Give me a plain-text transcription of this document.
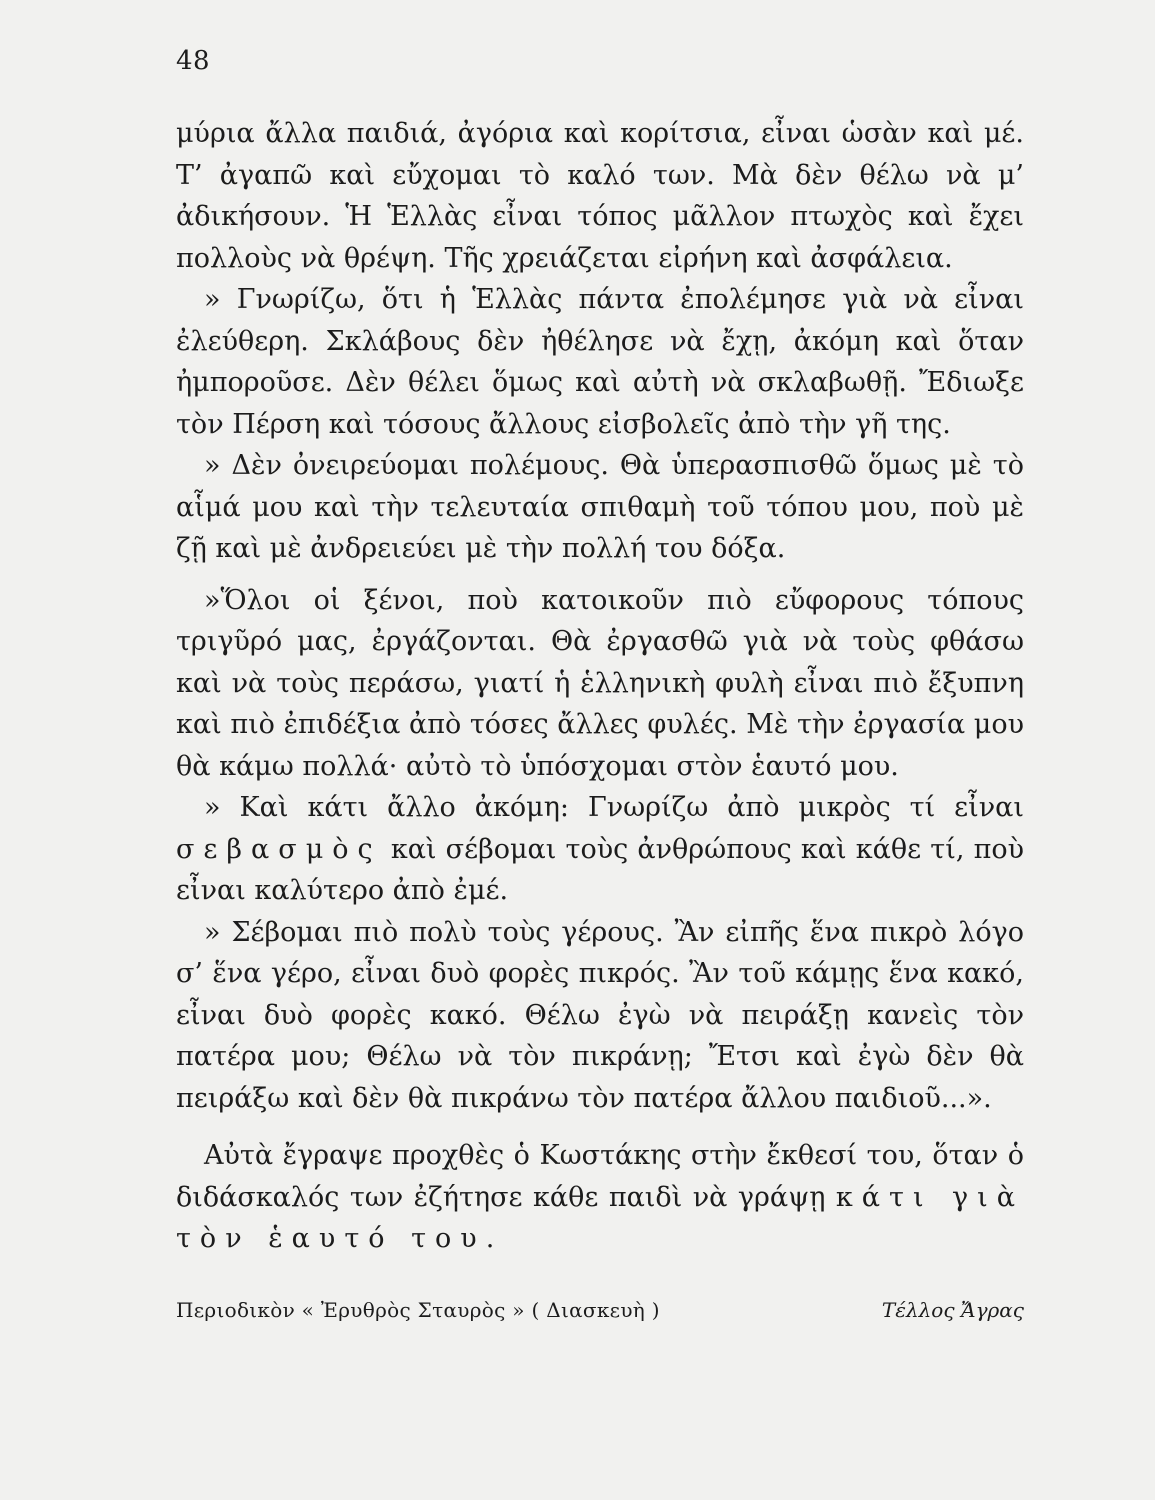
48

μύρια ἄλλα παιδιά, ἀγόρια καὶ κορίτσια, εἶναι ὡσὰν καὶ μέ. Τ’ ἀγαπῶ καὶ εὔχομαι τὸ καλό των. Μὰ δὲν θέλω νὰ μ’ ἀδικήσουν. Ἡ Ἑλλὰς εἶναι τόπος μᾶλλον πτωχὸς καὶ ἔχει πολλοὺς νὰ θρέψη. Τῆς χρειάζεται εἰρήνη καὶ ἀσφάλεια.

» Γνωρίζω, ὅτι ἡ Ἑλλὰς πάντα ἐπολέμησε γιὰ νὰ εἶναι ἐλεύθερη. Σκλάβους δὲν ἠθέλησε νὰ ἔχῃ, ἀκόμη καὶ ὅταν ἠμποροῦσε. Δὲν θέλει ὅμως καὶ αὐτὴ νὰ σκλαβωθῇ. Ἔδιωξε τὸν Πέρση καὶ τόσους ἄλλους εἰσβολεῖς ἀπὸ τὴν γῆ της.

» Δὲν ὀνειρεύομαι πολέμους. Θὰ ὑπερασπισθῶ ὅμως μὲ τὸ αἷμά μου καὶ τὴν τελευταία σπιθαμὴ τοῦ τόπου μου, ποὺ μὲ ζῇ καὶ μὲ ἀνδρειεύει μὲ τὴν πολλή του δόξα.

»Ὅλοι οἱ ξένοι, ποὺ κατοικοῦν πιὸ εὔφορους τόπους τριγῦρό μας, ἐργάζονται. Θὰ ἐργασθῶ γιὰ νὰ τοὺς φθάσω καὶ νὰ τοὺς περάσω, γιατί ἡ ἑλληνικὴ φυλὴ εἶναι πιὸ ἔξυπνη καὶ πιὸ ἐπιδέξια ἀπὸ τόσες ἄλλες φυλές. Μὲ τὴν ἐργασία μου θὰ κάμω πολλά· αὐτὸ τὸ ὑπόσχομαι στὸν ἑαυτό μου.

» Καὶ κάτι ἄλλο ἀκόμη: Γνωρίζω ἀπὸ μικρὸς τί εἶναι σεβασμὸς καὶ σέβομαι τοὺς ἀνθρώπους καὶ κάθε τί, ποὺ εἶναι καλύτερο ἀπὸ ἐμέ.

» Σέβομαι πιὸ πολὺ τοὺς γέρους. Ἂν εἰπῆς ἕνα πικρὸ λόγο σ’ ἕνα γέρο, εἶναι δυὸ φορὲς πικρός. Ἂν τοῦ κάμῃς ἕνα κακό, εἶναι δυὸ φορὲς κακό. Θέλω ἐγὼ νὰ πειράξῃ κανεὶς τὸν πατέρα μου; Θέλω νὰ τὸν πικράνῃ; Ἔτσι καὶ ἐγὼ δὲν θὰ πειράξω καὶ δὲν θὰ πικράνω τὸν πατέρα ἄλλου παιδιοῦ...».

Αὐτὰ ἔγραψε προχθὲς ὁ Κωστάκης στὴν ἔκθεσί του, ὅταν ὁ διδάσκαλός των ἐζήτησε κάθε παιδὶ νὰ γράψῃ κάτι γιὰ τὸν ἑαυτό του.

Περιοδικὸν « Ἐρυθρὸς Σταυρὸς » ( Διασκευὴ )	Τέλλος Ἄγρας
